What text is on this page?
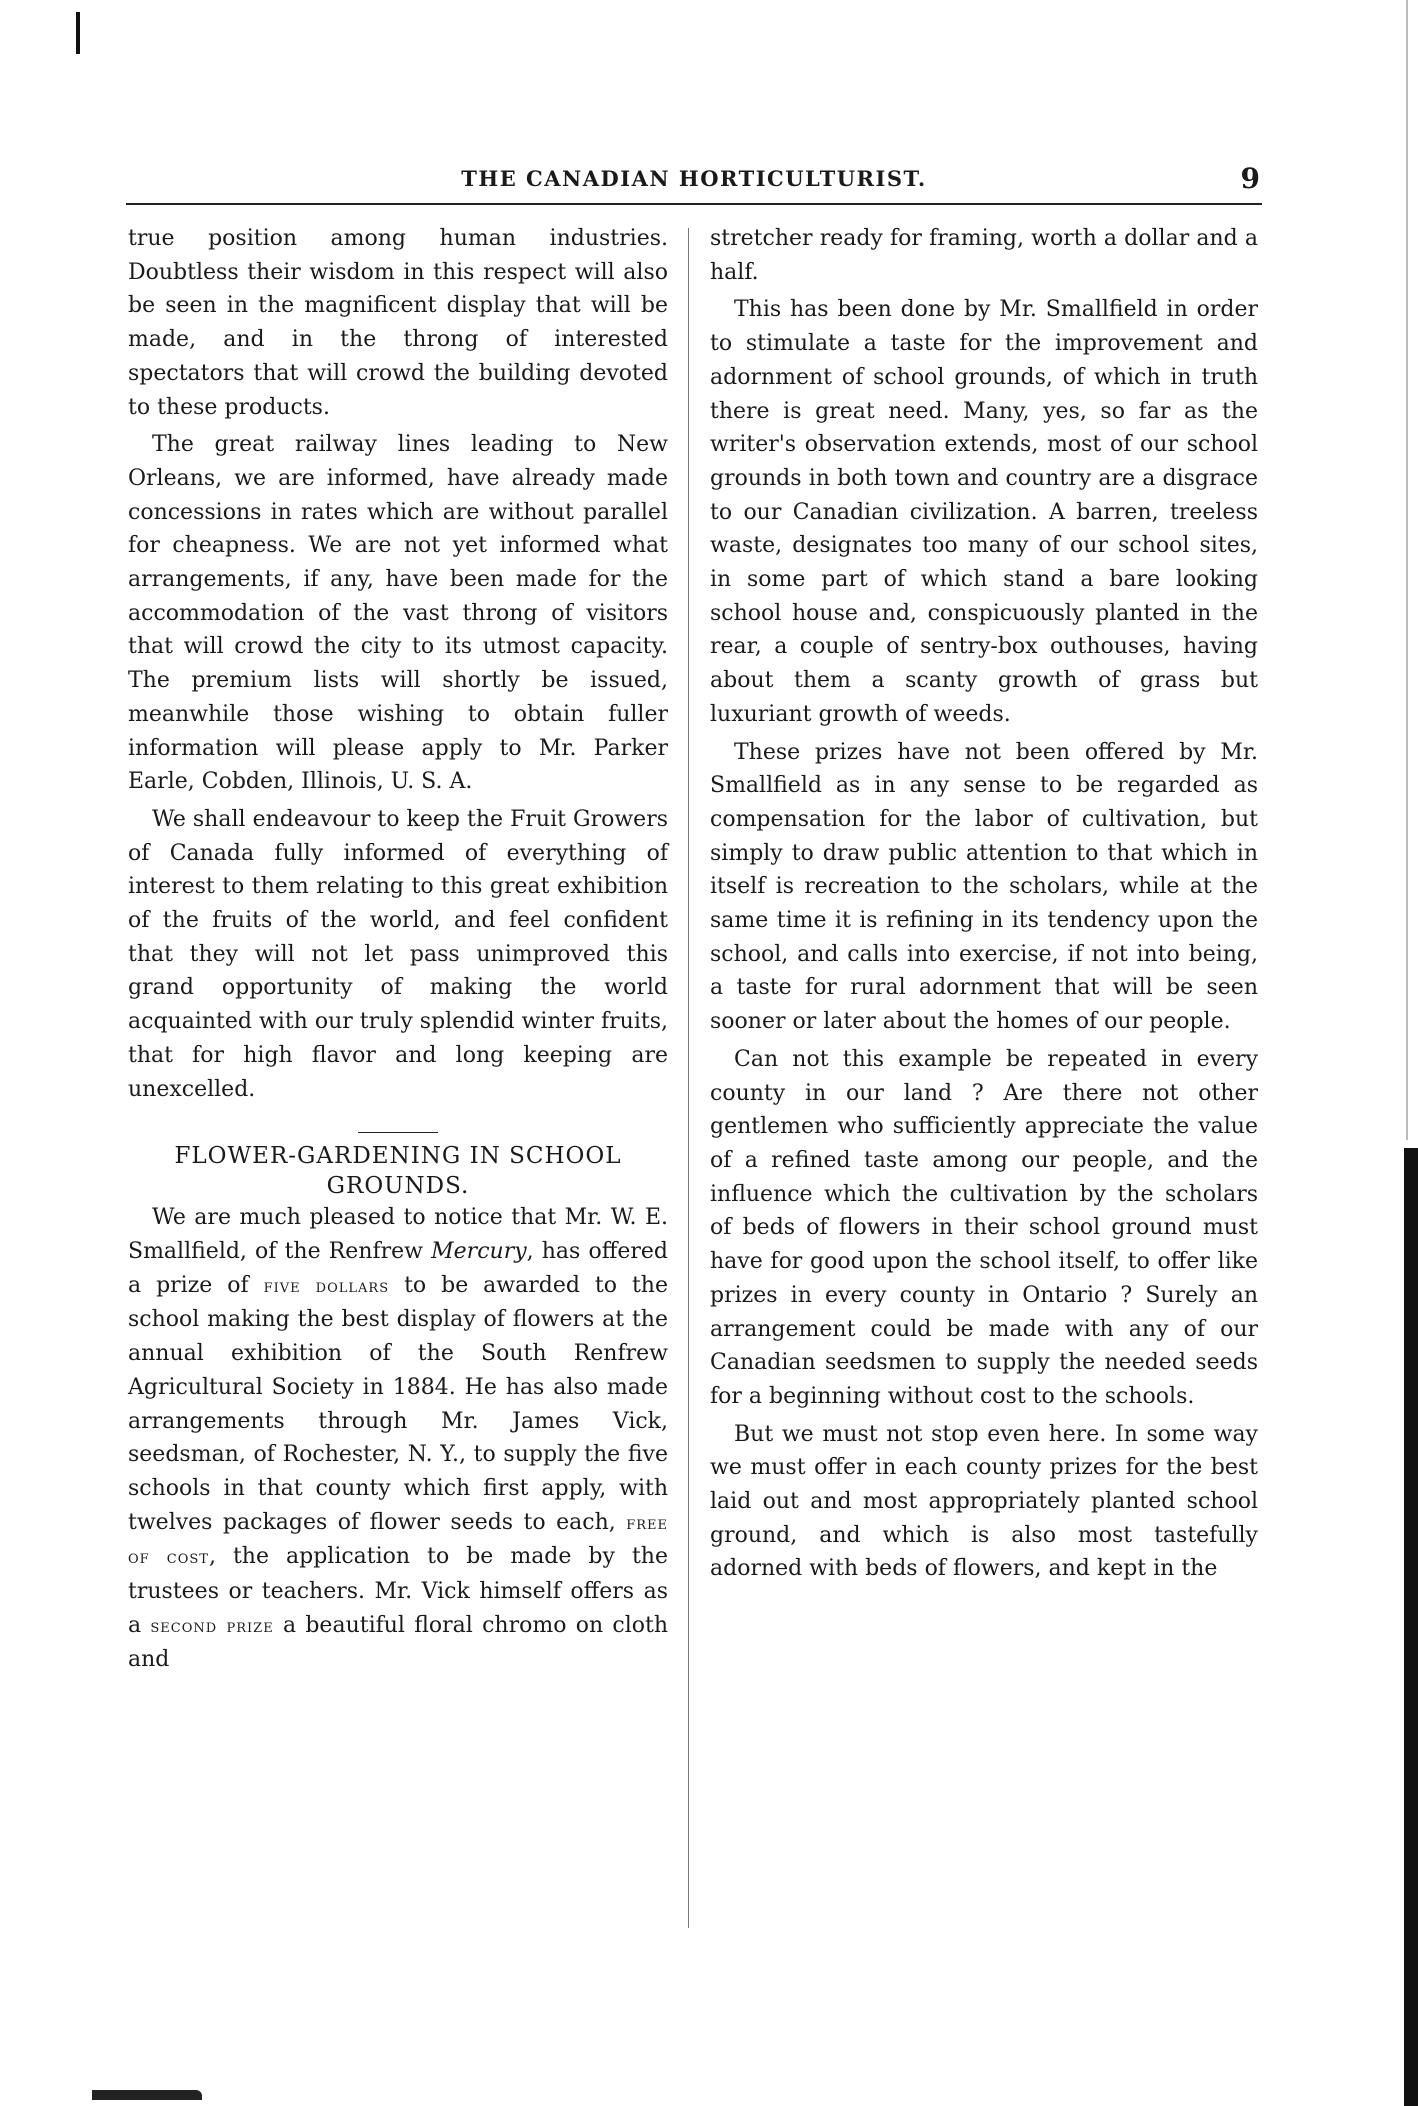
THE CANADIAN HORTICULTURIST.	9

true position among human industries. Doubtless their wisdom in this respect will also be seen in the magnificent display that will be made, and in the throng of interested spectators that will crowd the building devoted to these products.

The great railway lines leading to New Orleans, we are informed, have already made concessions in rates which are without parallel for cheapness. We are not yet informed what arrangements, if any, have been made for the accommodation of the vast throng of visitors that will crowd the city to its utmost capacity. The premium lists will shortly be issued, meanwhile those wishing to obtain fuller information will please apply to Mr. Parker Earle, Cobden, Illinois, U. S. A.

We shall endeavour to keep the Fruit Growers of Canada fully informed of everything of interest to them relating to this great exhibition of the fruits of the world, and feel confident that they will not let pass unimproved this grand opportunity of making the world acquainted with our truly splendid winter fruits, that for high flavor and long keeping are unexcelled.

FLOWER-GARDENING IN SCHOOL GROUNDS.

We are much pleased to notice that Mr. W. E. Smallfield, of the Renfrew Mercury, has offered a prize of five dollars to be awarded to the school making the best display of flowers at the annual exhibition of the South Renfrew Agricultural Society in 1884. He has also made arrangements through Mr. James Vick, seedsman, of Rochester, N. Y., to supply the five schools in that county which first apply, with twelves packages of flower seeds to each, free of cost, the application to be made by the trustees or teachers. Mr. Vick himself offers as a second prize a beautiful floral chromo on cloth and

stretcher ready for framing, worth a dollar and a half.

This has been done by Mr. Smallfield in order to stimulate a taste for the improvement and adornment of school grounds, of which in truth there is great need. Many, yes, so far as the writer's observation extends, most of our school grounds in both town and country are a disgrace to our Canadian civilization. A barren, treeless waste, designates too many of our school sites, in some part of which stand a bare looking school house and, conspicuously planted in the rear, a couple of sentry-box outhouses, having about them a scanty growth of grass but luxuriant growth of weeds.

These prizes have not been offered by Mr. Smallfield as in any sense to be regarded as compensation for the labor of cultivation, but simply to draw public attention to that which in itself is recreation to the scholars, while at the same time it is refining in its tendency upon the school, and calls into exercise, if not into being, a taste for rural adornment that will be seen sooner or later about the homes of our people.

Can not this example be repeated in every county in our land ? Are there not other gentlemen who sufficiently appreciate the value of a refined taste among our people, and the influence which the cultivation by the scholars of beds of flowers in their school ground must have for good upon the school itself, to offer like prizes in every county in Ontario ? Surely an arrangement could be made with any of our Canadian seedsmen to supply the needed seeds for a beginning without cost to the schools.

But we must not stop even here. In some way we must offer in each county prizes for the best laid out and most appropriately planted school ground, and which is also most tastefully adorned with beds of flowers, and kept in the
